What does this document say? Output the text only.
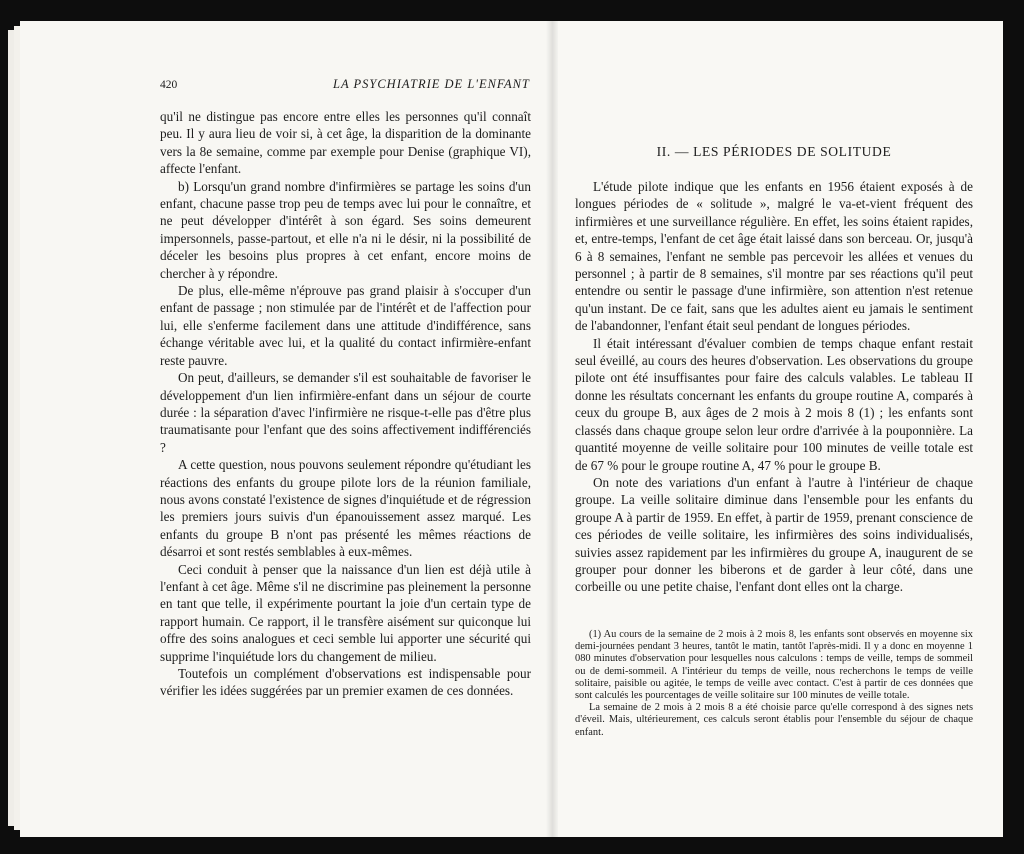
420	LA PSYCHIATRIE DE L'ENFANT

qu'il ne distingue pas encore entre elles les personnes qu'il connaît peu. Il y aura lieu de voir si, à cet âge, la disparition de la dominante vers la 8e semaine, comme par exemple pour Denise (graphique VI), affecte l'enfant.

b) Lorsqu'un grand nombre d'infirmières se partage les soins d'un enfant, chacune passe trop peu de temps avec lui pour le connaître, et ne peut développer d'intérêt à son égard. Ses soins demeurent impersonnels, passe-partout, et elle n'a ni le désir, ni la possibilité de déceler les besoins plus propres à cet enfant, encore moins de chercher à y répondre.

De plus, elle-même n'éprouve pas grand plaisir à s'occuper d'un enfant de passage ; non stimulée par de l'intérêt et de l'affection pour lui, elle s'enferme facilement dans une attitude d'indifférence, sans échange véritable avec lui, et la qualité du contact infirmière-enfant reste pauvre.

On peut, d'ailleurs, se demander s'il est souhaitable de favoriser le développement d'un lien infirmière-enfant dans un séjour de courte durée : la séparation d'avec l'infirmière ne risque-t-elle pas d'être plus traumatisante pour l'enfant que des soins affectivement indifférenciés ?

A cette question, nous pouvons seulement répondre qu'étudiant les réactions des enfants du groupe pilote lors de la réunion familiale, nous avons constaté l'existence de signes d'inquiétude et de régression les premiers jours suivis d'un épanouissement assez marqué. Les enfants du groupe B n'ont pas présenté les mêmes réactions de désarroi et sont restés semblables à eux-mêmes.

Ceci conduit à penser que la naissance d'un lien est déjà utile à l'enfant à cet âge. Même s'il ne discrimine pas pleinement la personne en tant que telle, il expérimente pourtant la joie d'un certain type de rapport humain. Ce rapport, il le transfère aisément sur quiconque lui offre des soins analogues et ceci semble lui apporter une sécurité qui supprime l'inquiétude lors du changement de milieu.

Toutefois un complément d'observations est indispensable pour vérifier les idées suggérées par un premier examen de ces données.

II. — LES PÉRIODES DE SOLITUDE

L'étude pilote indique que les enfants en 1956 étaient exposés à de longues périodes de « solitude », malgré le va-et-vient fréquent des infirmières et une surveillance régulière. En effet, les soins étaient rapides, et, entre-temps, l'enfant de cet âge était laissé dans son berceau. Or, jusqu'à 6 à 8 semaines, l'enfant ne semble pas percevoir les allées et venues du personnel ; à partir de 8 semaines, s'il montre par ses réactions qu'il peut entendre ou sentir le passage d'une infirmière, son attention n'est retenue qu'un instant. De ce fait, sans que les adultes aient eu jamais le sentiment de l'abandonner, l'enfant était seul pendant de longues périodes.

Il était intéressant d'évaluer combien de temps chaque enfant restait seul éveillé, au cours des heures d'observation. Les observations du groupe pilote ont été insuffisantes pour faire des calculs valables. Le tableau II donne les résultats concernant les enfants du groupe routine A, comparés à ceux du groupe B, aux âges de 2 mois à 2 mois 8 (1) ; les enfants sont classés dans chaque groupe selon leur ordre d'arrivée à la pouponnière. La quantité moyenne de veille solitaire pour 100 minutes de veille totale est de 67 % pour le groupe routine A, 47 % pour le groupe B.

On note des variations d'un enfant à l'autre à l'intérieur de chaque groupe. La veille solitaire diminue dans l'ensemble pour les enfants du groupe A à partir de 1959. En effet, à partir de 1959, prenant conscience de ces périodes de veille solitaire, les infirmières des soins individualisés, suivies assez rapidement par les infirmières du groupe A, inaugurent de se grouper pour donner les biberons et de garder à leur côté, dans une corbeille ou une petite chaise, l'enfant dont elles ont la charge.

(1) Au cours de la semaine de 2 mois à 2 mois 8, les enfants sont observés en moyenne six demi-journées pendant 3 heures, tantôt le matin, tantôt l'après-midi. Il y a donc en moyenne 1 080 minutes d'observation pour lesquelles nous calculons : temps de veille, temps de sommeil ou de demi-sommeil. A l'intérieur du temps de veille, nous recherchons le temps de veille solitaire, paisible ou agitée, le temps de veille avec contact. C'est à partir de ces données que sont calculés les pourcentages de veille solitaire sur 100 minutes de veille totale.

La semaine de 2 mois à 2 mois 8 a été choisie parce qu'elle correspond à des signes nets d'éveil. Mais, ultérieurement, ces calculs seront établis pour l'ensemble du séjour de chaque enfant.
